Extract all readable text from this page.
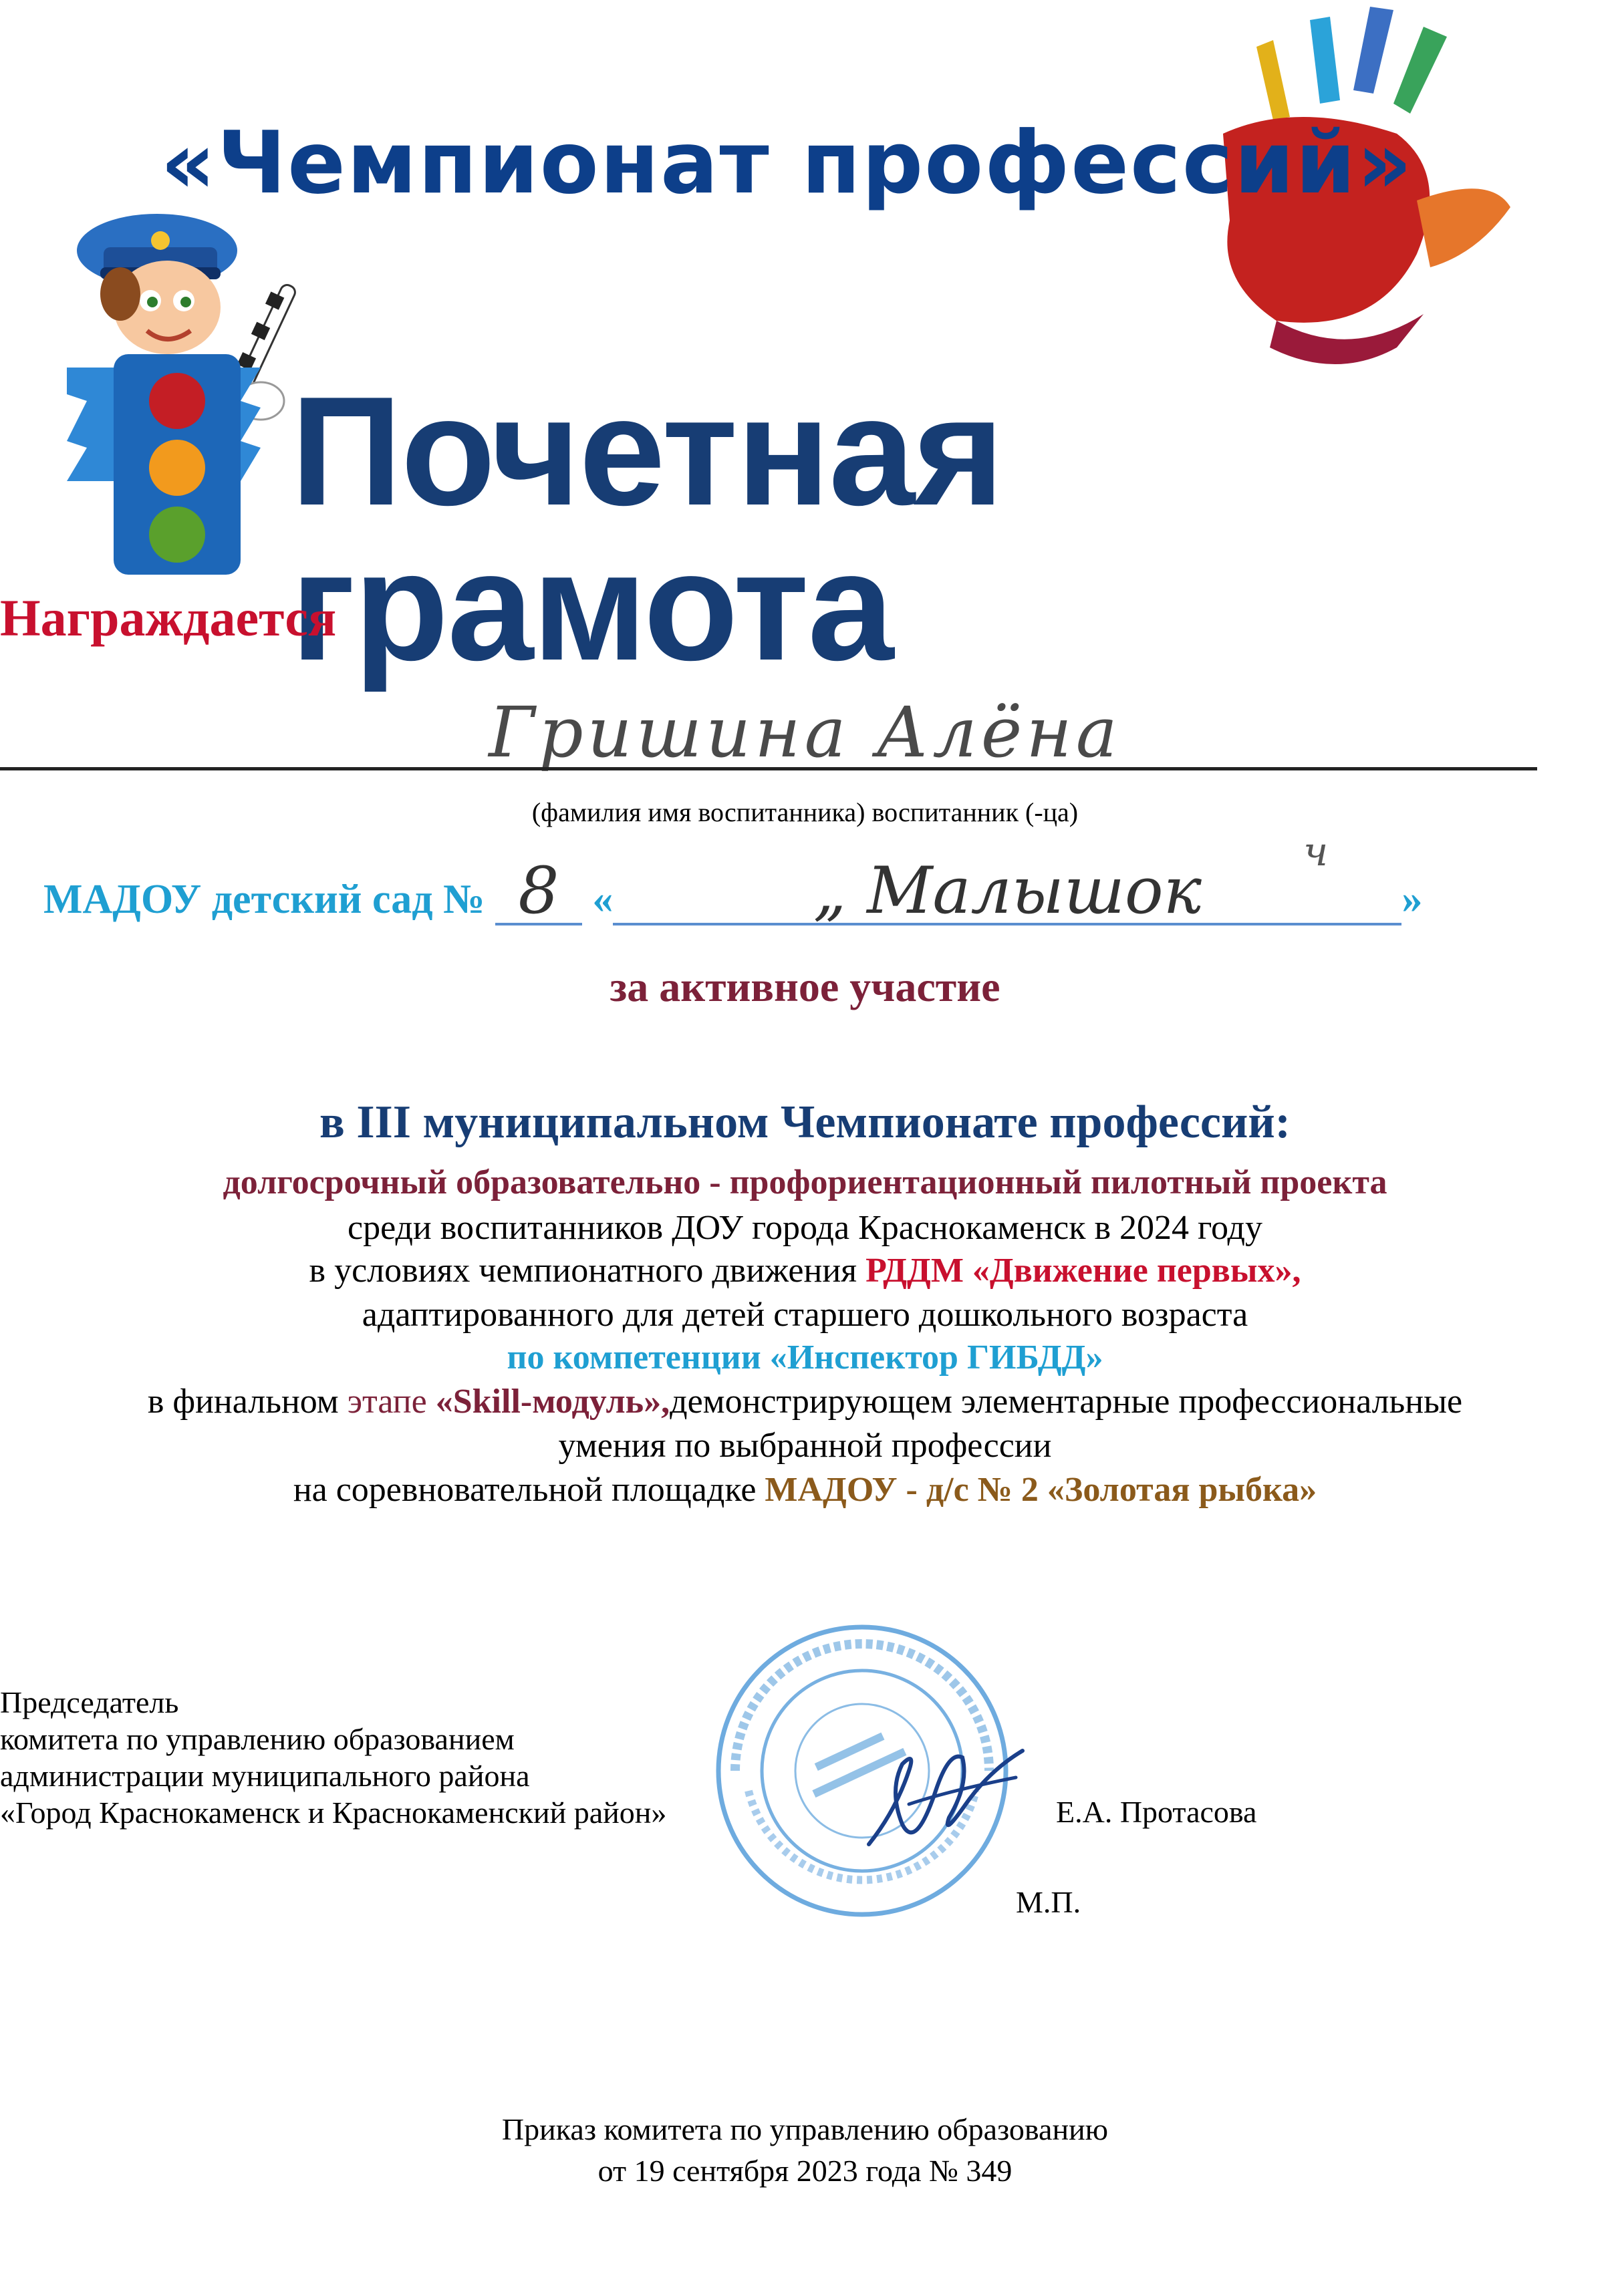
«Чемпионат профессий»
Почетная грамота
Награждается
Гришина Алёна
(фамилия имя воспитанника) воспитанник (-ца)
МАДОУ детский сад № 8 «	„ Малышок	»
ч
за активное участие
в III муниципальном Чемпионате профессий:
долгосрочный образовательно - профориентационный пилотный проекта
среди воспитанников ДОУ города Краснокаменск в 2024 году
в условиях чемпионатного движения РДДМ «Движение первых»,
адаптированного для детей старшего дошкольного возраста
по компетенции «Инспектор ГИБДД»
в финальном этапе «Skill-модуль»,демонстрирующем элементарные профессиональные
умения по выбранной профессии
на соревновательной площадке МАДОУ - д/с № 2 «Золотая рыбка»
Председатель
комитета по управлению образованием
администрации муниципального района
«Город Краснокаменск и Краснокаменский район»	Е.А. Протасова
М.П.
Приказ комитета по управлению образованию
от 19 сентября 2023 года № 349
